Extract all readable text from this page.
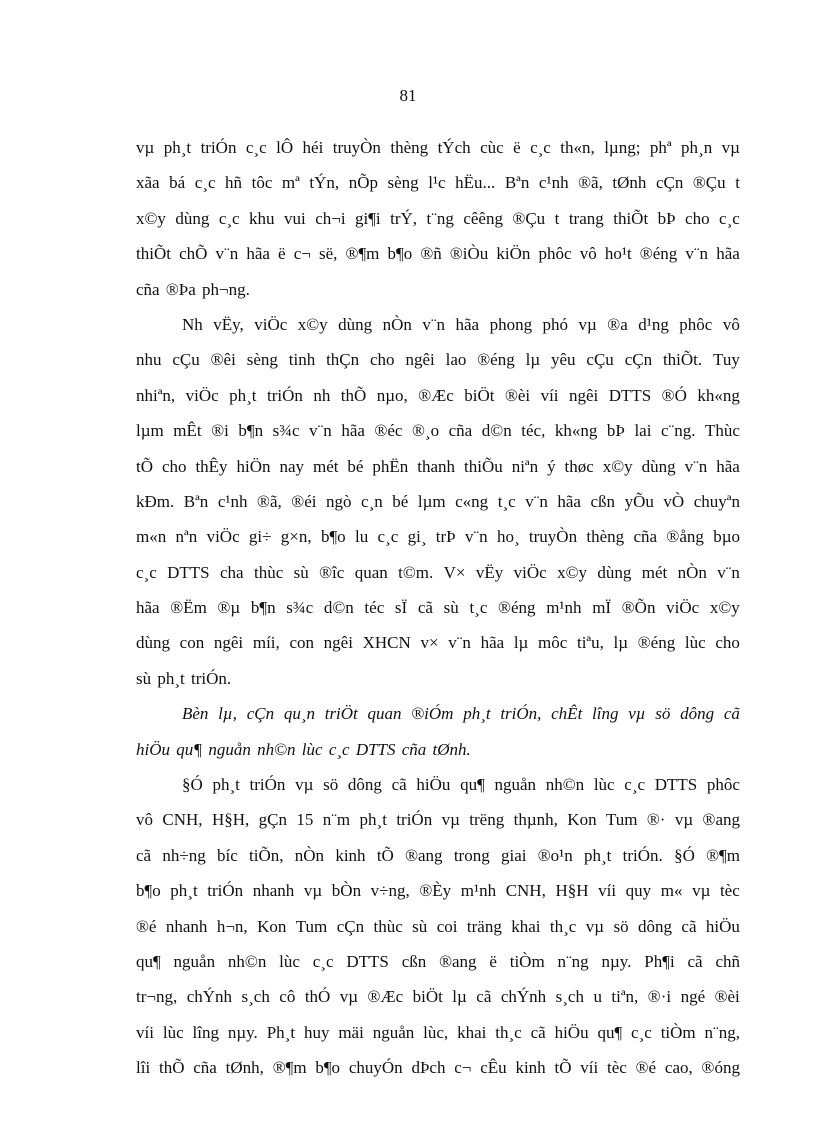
81
vµ ph¸t triÓn c¸c lÔ héi truyÒn thèng tÝch cùc ë c¸c th«n, lµng; phª ph¸n vµ
xãa bá c¸c hñ tôc mª tÝn, nÕp sèng l¹c hËu... Bªn c¹nh ®ã, tØnh cÇn ®Çu t
x©y dùng c¸c khu vui ch¬i gi¶i trÝ, t¨ng cêêng ®Çu t trang thiÕt bÞ cho c¸c
thiÕt chÕ v¨n hãa ë c¬ së, ®¶m b¶o ®ñ ®iÒu kiÖn phôc vô ho¹t ®éng v¨n hãa
cña ®Þa ph¬ng.
Nh vËy, viÖc x©y dùng nÒn v¨n hãa phong phó vµ ®a d¹ng phôc vô
nhu cÇu ®êi sèng tinh thÇn cho ngêi lao ®éng lµ yêu cÇu cÇn thiÕt. Tuy
nhiªn, viÖc ph¸t triÓn nh thÕ nµo, ®Æc biÖt ®èi víi ngêi DTTS ®Ó kh«ng
lµm mÊt ®i b¶n s¾c v¨n hãa ®éc ®¸o cña d©n téc, kh«ng bÞ lai c¨ng. Thùc
tÕ cho thÊy hiÖn nay mét bé phËn thanh thiÕu niªn ý thøc x©y dùng v¨n hãa
kÐm. Bªn c¹nh ®ã, ®éi ngò c¸n bé lµm c«ng t¸c v¨n hãa cßn yÕu vÒ chuyªn
m«n nªn viÖc gi÷ g×n, b¶o lu c¸c gi¸ trÞ v¨n ho¸ truyÒn thèng cña ®ång bµo
c¸c DTTS cha thùc sù ®îc quan t©m. V× vËy viÖc x©y dùng mét nÒn v¨n
hãa ®Ëm ®µ b¶n s¾c d©n téc sÏ cã sù t¸c ®éng m¹nh mÏ ®Õn viÖc x©y
dùng con ngêi míi, con ngêi XHCN v× v¨n hãa lµ môc tiªu, lµ ®éng lùc cho
sù ph¸t triÓn.
Bèn lµ, cÇn qu¸n triÖt quan ®iÓm ph¸t triÓn, chÊt lîng vµ sö dông cã
hiÖu qu¶ nguån nh©n lùc c¸c DTTS cña tØnh.
§Ó ph¸t triÓn vµ sö dông cã hiÖu qu¶ nguån nh©n lùc c¸c DTTS phôc
vô CNH, H§H, gÇn 15 n¨m ph¸t triÓn vµ trëng thµnh, Kon Tum ®· vµ ®ang
cã nh÷ng bíc tiÕn, nÒn kinh tÕ ®ang trong giai ®o¹n ph¸t triÓn. §Ó ®¶m
b¶o ph¸t triÓn nhanh vµ bÒn v÷ng, ®Èy m¹nh CNH, H§H víi quy m« vµ tèc
®é nhanh h¬n, Kon Tum cÇn thùc sù coi träng khai th¸c vµ sö dông cã hiÖu
qu¶ nguån nh©n lùc c¸c DTTS cßn ®ang ë tiÒm n¨ng nµy. Ph¶i cã chñ
tr¬ng, chÝnh s¸ch cô thÓ vµ ®Æc biÖt lµ cã chÝnh s¸ch u tiªn, ®·i ngé ®èi
víi lùc lîng nµy. Ph¸t huy mäi nguån lùc, khai th¸c cã hiÖu qu¶ c¸c tiÒm n¨ng,
lîi thÕ cña tØnh, ®¶m b¶o chuyÓn dÞch c¬ cÊu kinh tÕ víi tèc ®é cao, ®óng
